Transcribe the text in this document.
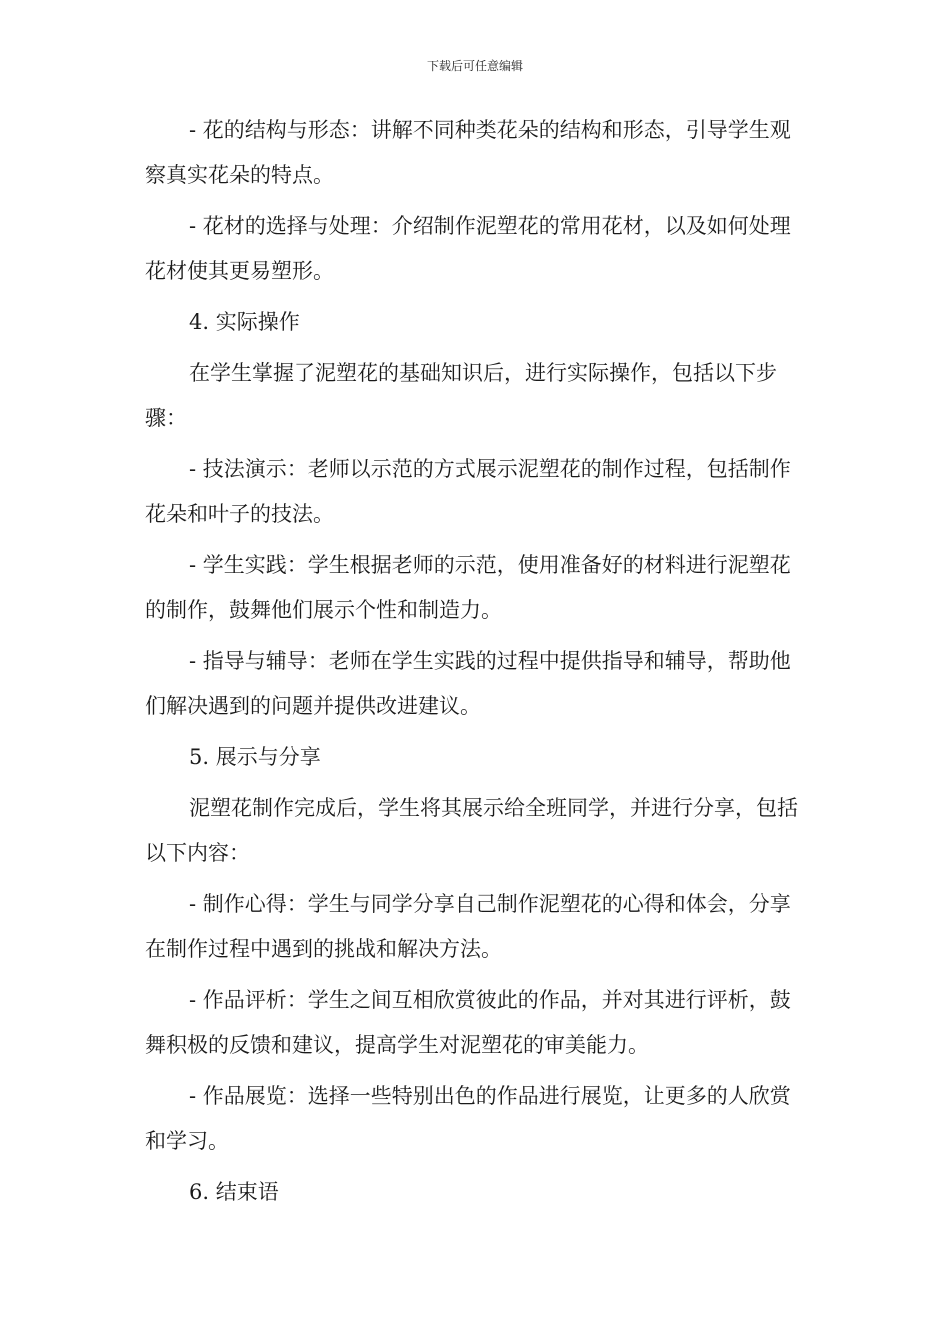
下载后可任意编辑

- 花的结构与形态：讲解不同种类花朵的结构和形态，引导学生观察真实花朵的特点。

- 花材的选择与处理：介绍制作泥塑花的常用花材，以及如何处理花材使其更易塑形。

4. 实际操作

在学生掌握了泥塑花的基础知识后，进行实际操作，包括以下步骤：

- 技法演示：老师以示范的方式展示泥塑花的制作过程，包括制作花朵和叶子的技法。

- 学生实践：学生根据老师的示范，使用准备好的材料进行泥塑花的制作，鼓舞他们展示个性和制造力。

- 指导与辅导：老师在学生实践的过程中提供指导和辅导，帮助他们解决遇到的问题并提供改进建议。

5. 展示与分享

泥塑花制作完成后，学生将其展示给全班同学，并进行分享，包括以下内容：

- 制作心得：学生与同学分享自己制作泥塑花的心得和体会，分享在制作过程中遇到的挑战和解决方法。

- 作品评析：学生之间互相欣赏彼此的作品，并对其进行评析，鼓舞积极的反馈和建议，提高学生对泥塑花的审美能力。

- 作品展览：选择一些特别出色的作品进行展览，让更多的人欣赏和学习。

6. 结束语
